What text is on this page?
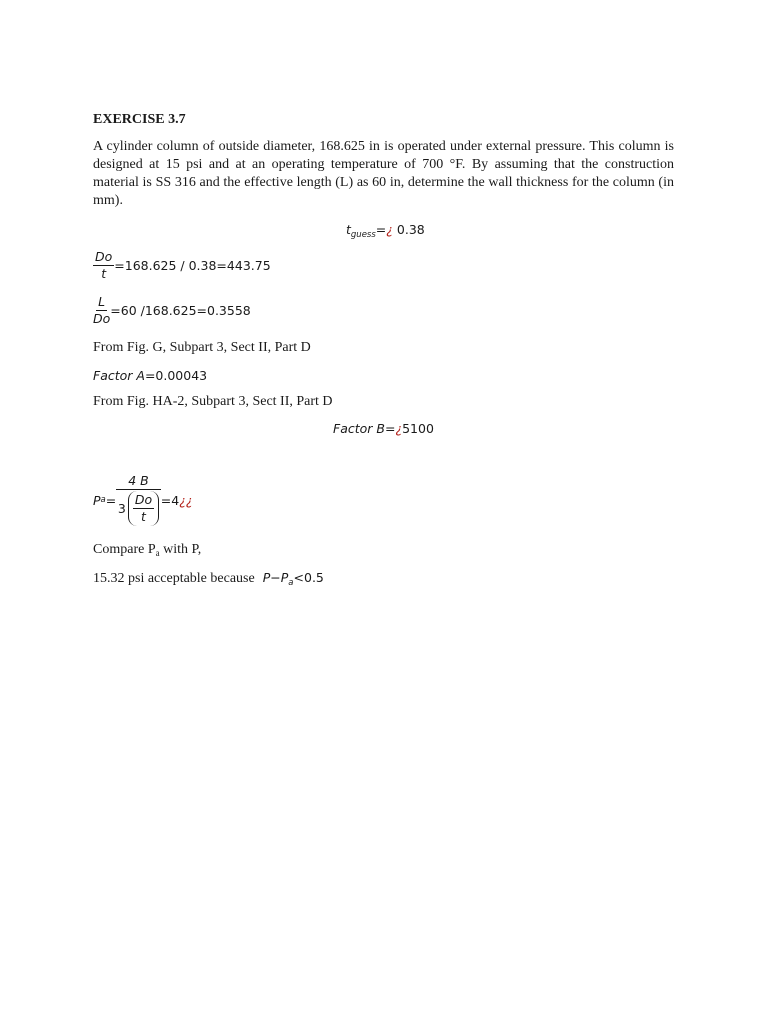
EXERCISE 3.7
A cylinder column of outside diameter, 168.625 in is operated under external pressure. This column is designed at 15 psi and at an operating temperature of 700 °F. By assuming that the construction material is SS 316 and the effective length (L) as 60 in, determine the wall thickness for the column (in mm).
$t_{guess}=¿$ 0.38
$\frac{Do}{t} =168.625 / 0.38=443.75$
$\frac{L}{Do} =60$ /168.625=0.3558
From Fig. G, Subpart 3, Sect II, Part D
Factor A=0.00043
From Fig. HA-2, Subpart 3, Sect II, Part D
Factor B=¿5100
P $a = \frac{4 B}{3 \frac{Do}{t}} =4$ ¿¿
Compare $P_a$ with P,
15.32 psi acceptable because $P-P_a<0.5$
